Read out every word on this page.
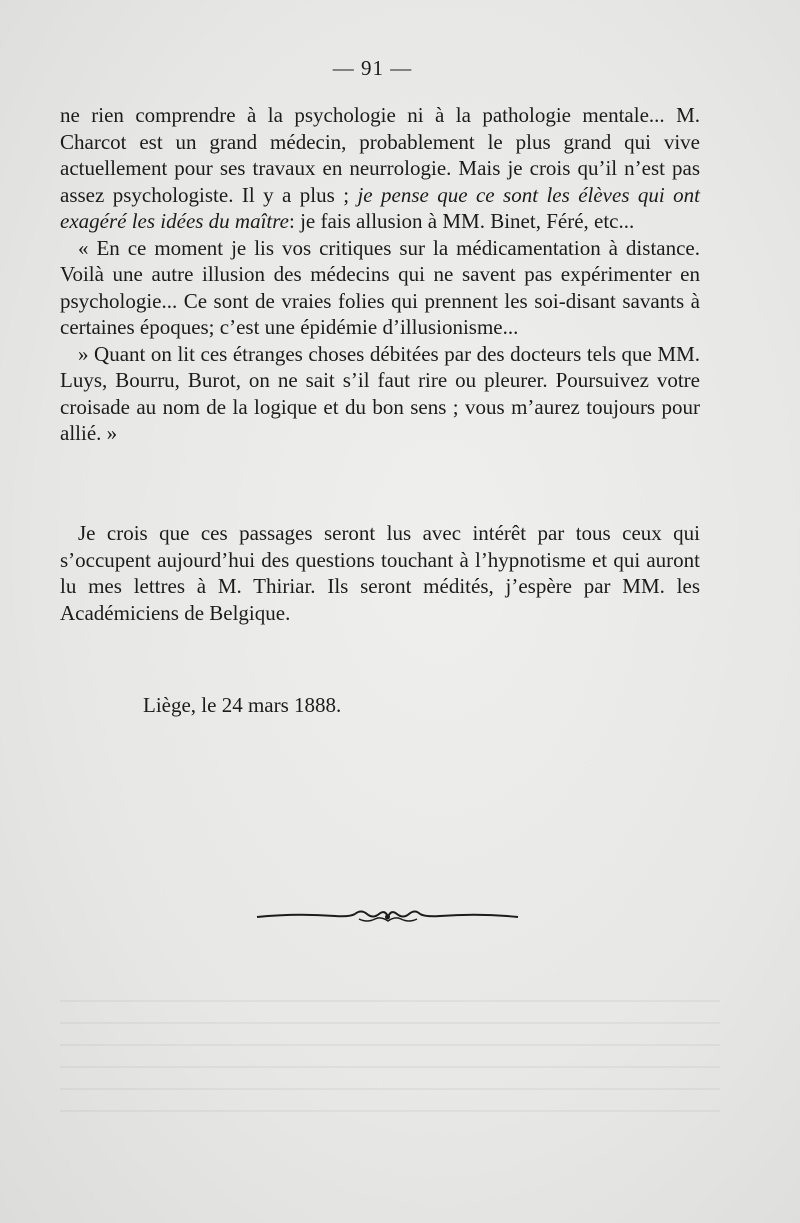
— 91 —

ne rien comprendre à la psychologie ni à la pathologie mentale... M. Charcot est un grand médecin, probablement le plus grand qui vive actuellement pour ses travaux en neurrologie. Mais je crois qu’il n’est pas assez psychologiste. Il y a plus ; je pense que ce sont les élèves qui ont exagéré les idées du maître: je fais allusion à MM. Binet, Féré, etc...

« En ce moment je lis vos critiques sur la médicamentation à distance. Voilà une autre illusion des médecins qui ne savent pas expérimenter en psychologie... Ce sont de vraies folies qui prennent les soi-disant savants à certaines époques; c’est une épidémie d’illusionisme...

» Quant on lit ces étranges choses débitées par des docteurs tels que MM. Luys, Bourru, Burot, on ne sait s’il faut rire ou pleurer. Poursuivez votre croisade au nom de la logique et du bon sens ; vous m’aurez toujours pour allié. »

Je crois que ces passages seront lus avec intérêt par tous ceux qui s’occupent aujourd’hui des questions touchant à l’hypnotisme et qui auront lu mes lettres à M. Thiriar. Ils seront médités, j’espère par MM. les Académiciens de Belgique.

Liège, le 24 mars 1888.
